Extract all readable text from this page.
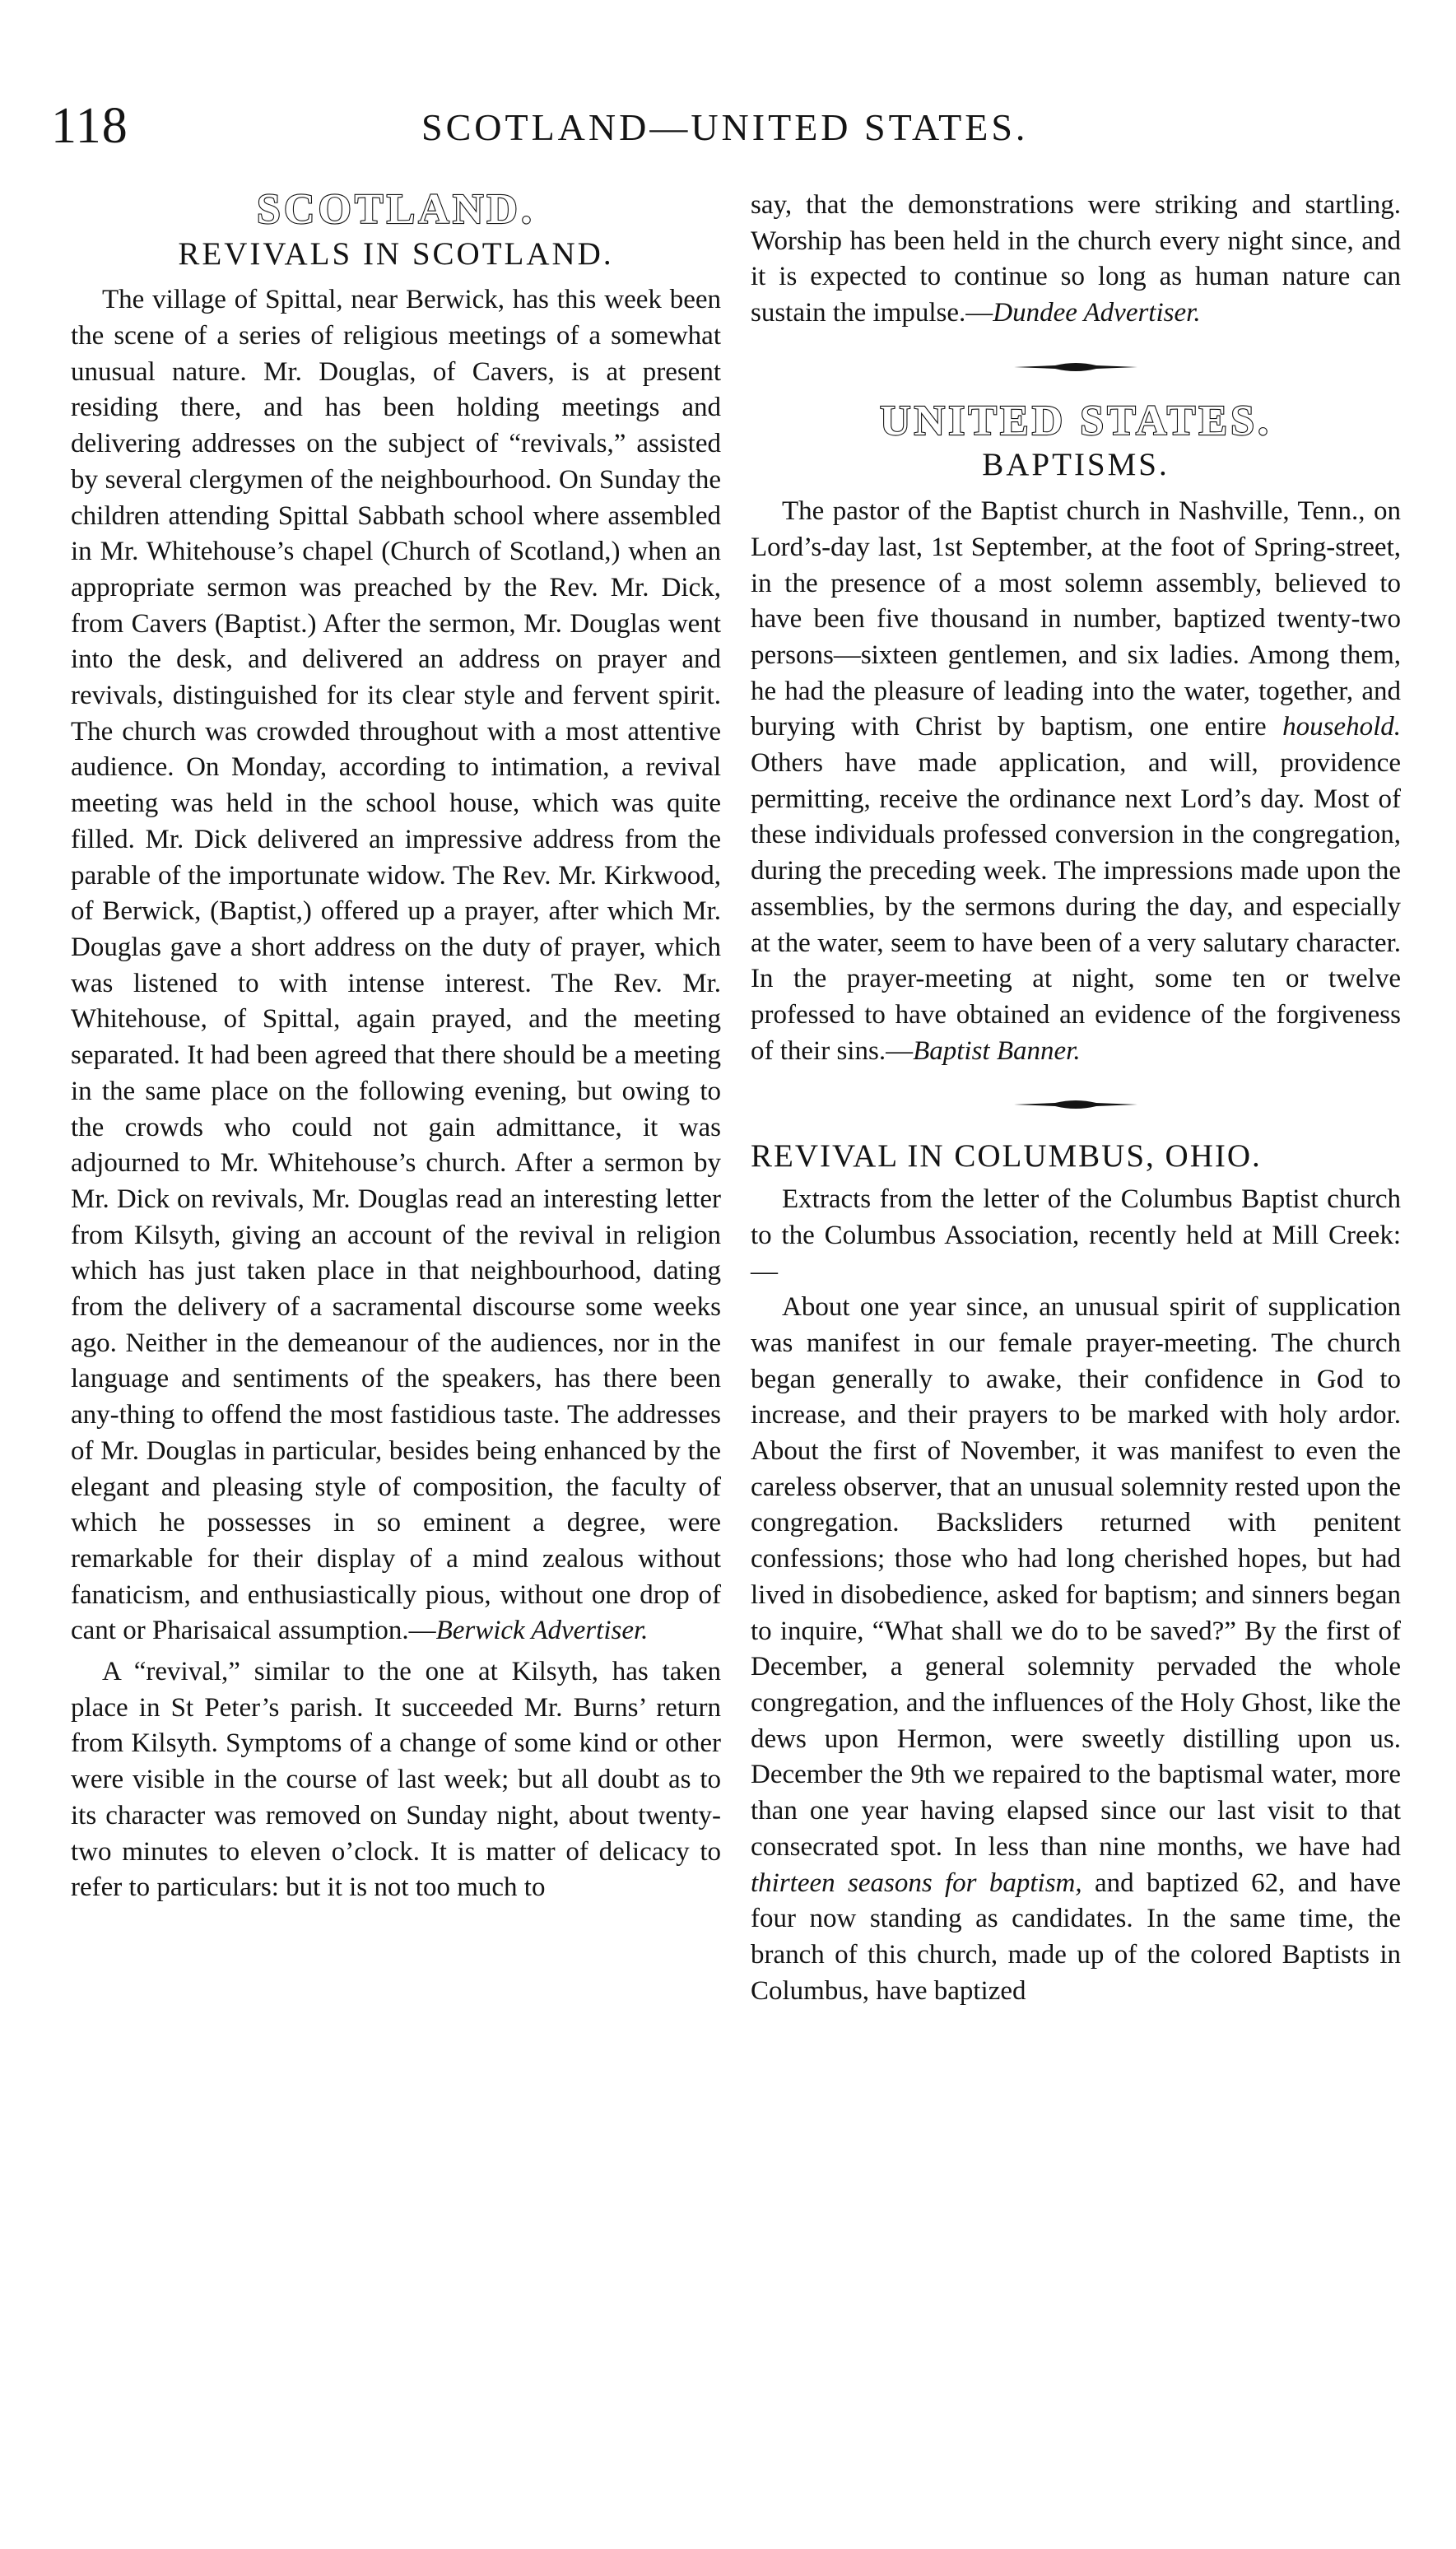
118	SCOTLAND—UNITED STATES.
SCOTLAND.
REVIVALS IN SCOTLAND.

The village of Spittal, near Berwick, has this week been the scene of a series of religious meetings of a somewhat unusual nature. Mr. Douglas, of Cavers, is at present residing there, and has been holding meetings and delivering addresses on the subject of “revivals,” assisted by several clergymen of the neighbourhood. On Sunday the children attending Spittal Sabbath school where assembled in Mr. Whitehouse’s chapel (Church of Scotland,) when an appropriate sermon was preached by the Rev. Mr. Dick, from Cavers (Baptist.) After the sermon, Mr. Douglas went into the desk, and delivered an address on prayer and revivals, distinguished for its clear style and fervent spirit. The church was crowded throughout with a most attentive audience. On Monday, according to intimation, a revival meeting was held in the school house, which was quite filled. Mr. Dick delivered an impressive address from the parable of the importunate widow. The Rev. Mr. Kirkwood, of Berwick, (Baptist,) offered up a prayer, after which Mr. Douglas gave a short address on the duty of prayer, which was listened to with intense interest. The Rev. Mr. Whitehouse, of Spittal, again prayed, and the meeting separated. It had been agreed that there should be a meeting in the same place on the following evening, but owing to the crowds who could not gain admittance, it was adjourned to Mr. Whitehouse’s church. After a sermon by Mr. Dick on revivals, Mr. Douglas read an interesting letter from Kilsyth, giving an account of the revival in religion which has just taken place in that neighbourhood, dating from the delivery of a sacramental discourse some weeks ago. Neither in the demeanour of the audiences, nor in the language and sentiments of the speakers, has there been any-thing to offend the most fastidious taste. The addresses of Mr. Douglas in particular, besides being enhanced by the elegant and pleasing style of composition, the faculty of which he possesses in so eminent a degree, were remarkable for their display of a mind zealous without fanaticism, and enthusiastically pious, without one drop of cant or Pharisaical assumption.—Berwick Advertiser.

A “revival,” similar to the one at Kilsyth, has taken place in St Peter’s parish. It succeeded Mr. Burns’ return from Kilsyth. Symptoms of a change of some kind or other were visible in the course of last week; but all doubt as to its character was removed on Sunday night, about twenty-two minutes to eleven o’clock. It is matter of delicacy to refer to particulars: but it is not too much to

say, that the demonstrations were striking and startling. Worship has been held in the church every night since, and it is expected to continue so long as human nature can sustain the impulse.—Dundee Advertiser.

UNITED STATES.
BAPTISMS.

The pastor of the Baptist church in Nashville, Tenn., on Lord’s-day last, 1st September, at the foot of Spring-street, in the presence of a most solemn assembly, believed to have been five thousand in number, baptized twenty-two persons—sixteen gentlemen, and six ladies. Among them, he had the pleasure of leading into the water, together, and burying with Christ by baptism, one entire household. Others have made application, and will, providence permitting, receive the ordinance next Lord’s day. Most of these individuals professed conversion in the congregation, during the preceding week. The impressions made upon the assemblies, by the sermons during the day, and especially at the water, seem to have been of a very salutary character. In the prayer-meeting at night, some ten or twelve professed to have obtained an evidence of the forgiveness of their sins.—Baptist Banner.

REVIVAL IN COLUMBUS, OHIO.

Extracts from the letter of the Columbus Baptist church to the Columbus Association, recently held at Mill Creek:—

About one year since, an unusual spirit of supplication was manifest in our female prayer-meeting. The church began generally to awake, their confidence in God to increase, and their prayers to be marked with holy ardor. About the first of November, it was manifest to even the careless observer, that an unusual solemnity rested upon the congregation. Backsliders returned with penitent confessions; those who had long cherished hopes, but had lived in disobedience, asked for baptism; and sinners began to inquire, “What shall we do to be saved?” By the first of December, a general solemnity pervaded the whole congregation, and the influences of the Holy Ghost, like the dews upon Hermon, were sweetly distilling upon us. December the 9th we repaired to the baptismal water, more than one year having elapsed since our last visit to that consecrated spot. In less than nine months, we have had thirteen seasons for baptism, and baptized 62, and have four now standing as candidates. In the same time, the branch of this church, made up of the colored Baptists in Columbus, have baptized
